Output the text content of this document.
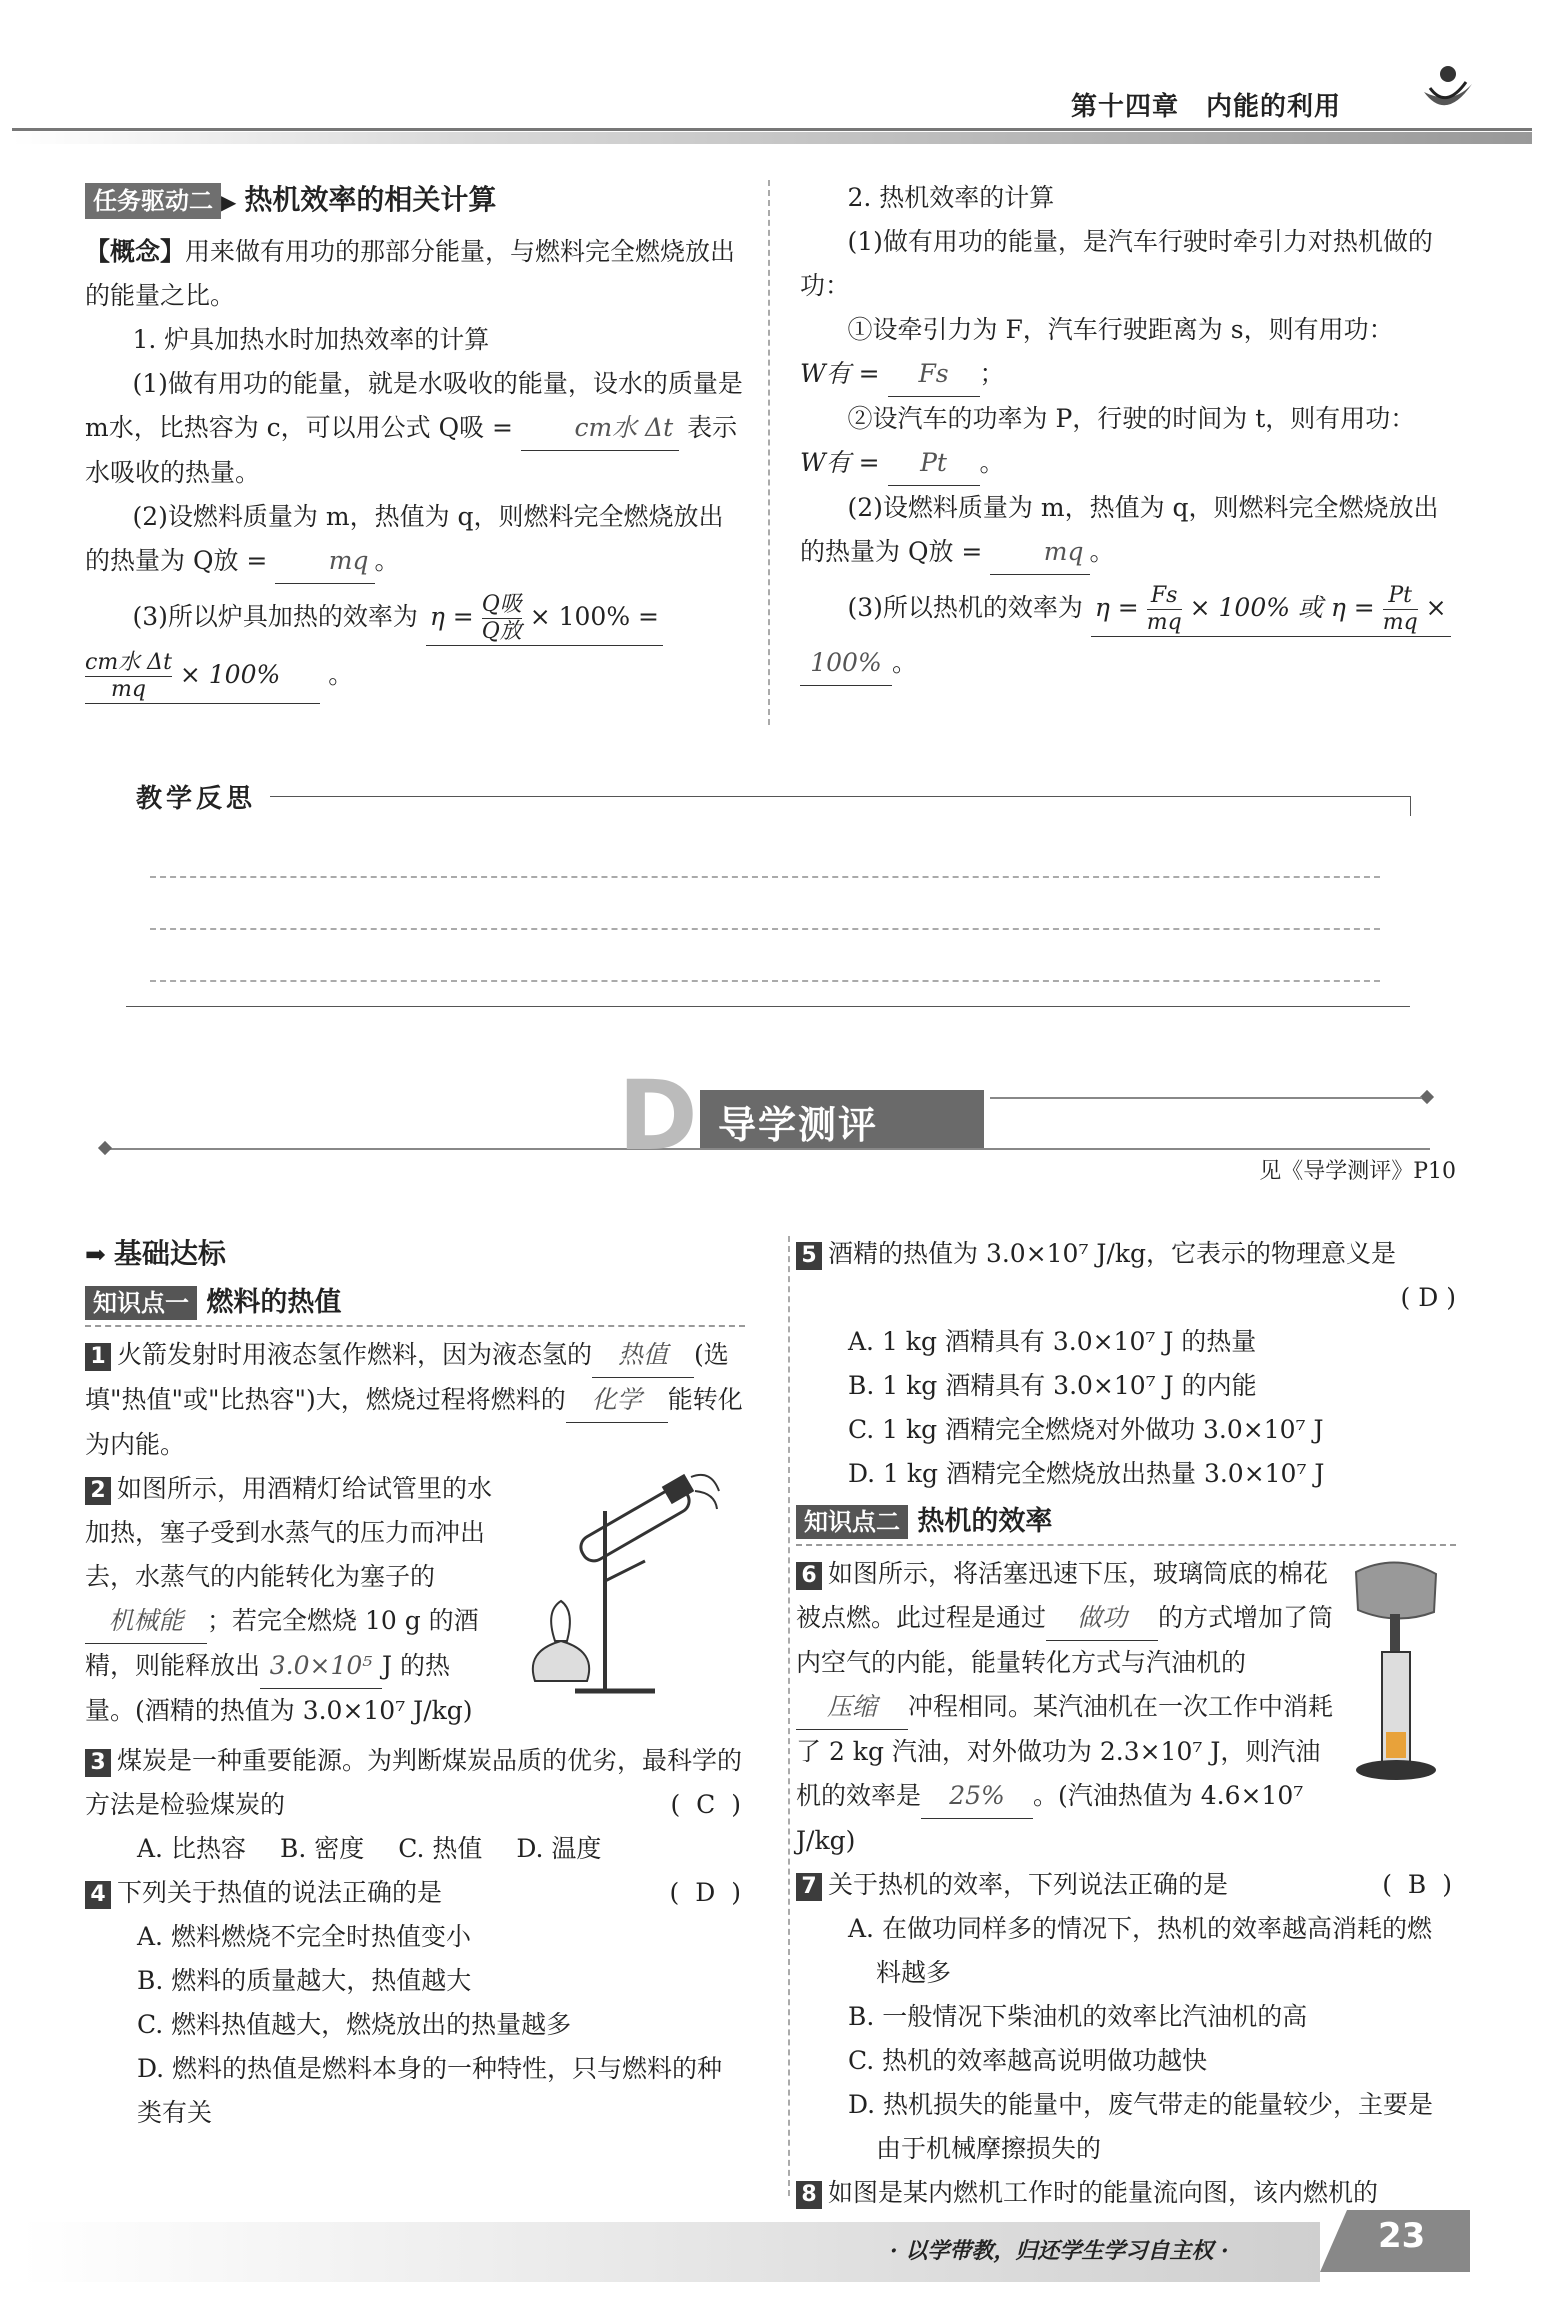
第十四章　内能的利用

任务驱动二 ▶ 热机效率的相关计算

【概念】用来做有用功的那部分能量，与燃料完全燃烧放出的能量之比。

1. 炉具加热水时加热效率的计算

(1)做有用功的能量，就是水吸收的能量，设水的质量是 m水，比热容为 c，可以用公式 Q吸 = cm水 Δt 表示水吸收的热量。

(2)设燃料质量为 m，热值为 q，则燃料完全燃烧放出的热量为 Q放 = mq 。

(3)所以炉具加热的效率为 $\eta = \frac{\text{Q吸}}{\text{Q放}} \times 100\%$ =

$\frac{\text{cm水 Δt}}{mq} \times 100\%$ 。

2. 热机效率的计算

(1)做有用功的能量，是汽车行驶时牵引力对热机做的功：

①设牵引力为 F，汽车行驶距离为 s，则有用功：

W有 = Fs ；

②设汽车的功率为 P，行驶的时间为 t，则有用功：

W有 = Pt 。

(2)设燃料质量为 m，热值为 q，则燃料完全燃烧放出的热量为 Q放 = mq 。

(3)所以热机的效率为 $\eta = \frac{Fs}{mq} \times 100\%$ 或 $\eta = \frac{Pt}{mq}$ ×

100% 。

教学反思
D 导学测评
见《导学测评》P10

➡ 基础达标

知识点一 燃料的热值

1 火箭发射时用液态氢作燃料，因为液态氢的 热值 (选填"热值"或"比热容")大，燃烧过程将燃料的 化学 能转化为内能。

2 如图所示，用酒精灯给试管里的水加热，塞子受到水蒸气的压力而冲出去，水蒸气的内能转化为塞子的机械能 ；若完全燃烧 10 g 的酒精，则能释放出 3.0×10⁵ J 的热量。(酒精的热值为 3.0×10⁷ J/kg)

3 煤炭是一种重要能源。为判断煤炭品质的优劣，最科学的方法是检验煤炭的	( C )

A. 比热容 B. 密度 C. 热值 D. 温度

4 下列关于热值的说法正确的是	( D )

A. 燃料燃烧不完全时热值变小

B. 燃料的质量越大，热值越大

C. 燃料热值越大，燃烧放出的热量越多

D. 燃料的热值是燃料本身的一种特性，只与燃料的种类有关

5 酒精的热值为 3.0×10⁷ J/kg，它表示的物理意义是

( D )

A. 1 kg 酒精具有 3.0×10⁷ J 的热量

B. 1 kg 酒精具有 3.0×10⁷ J 的内能

C. 1 kg 酒精完全燃烧对外做功 3.0×10⁷ J

D. 1 kg 酒精完全燃烧放出热量 3.0×10⁷ J

知识点二 热机的效率

6 如图所示，将活塞迅速下压，玻璃筒底的棉花被点燃。此过程是通过 做功 的方式增加了筒内空气的内能，能量转化方式与汽油机的压缩 冲程相同。某汽油机在一次工作中消耗了 2 kg 汽油，对外做功为 2.3×10⁷ J，则汽油机的效率是 25% 。(汽油热值为 4.6×10⁷ J/kg)

7 关于热机的效率，下列说法正确的是	( B )

A. 在做功同样多的情况下，热机的效率越高消耗的燃料越多

B. 一般情况下柴油机的效率比汽油机的高

C. 热机的效率越高说明做功越快

D. 热机损失的能量中，废气带走的能量较少，主要是由于机械摩擦损失的

8 如图是某内燃机工作时的能量流向图，该内燃机的

· 以学带教，归还学生学习自主权 ·	23
